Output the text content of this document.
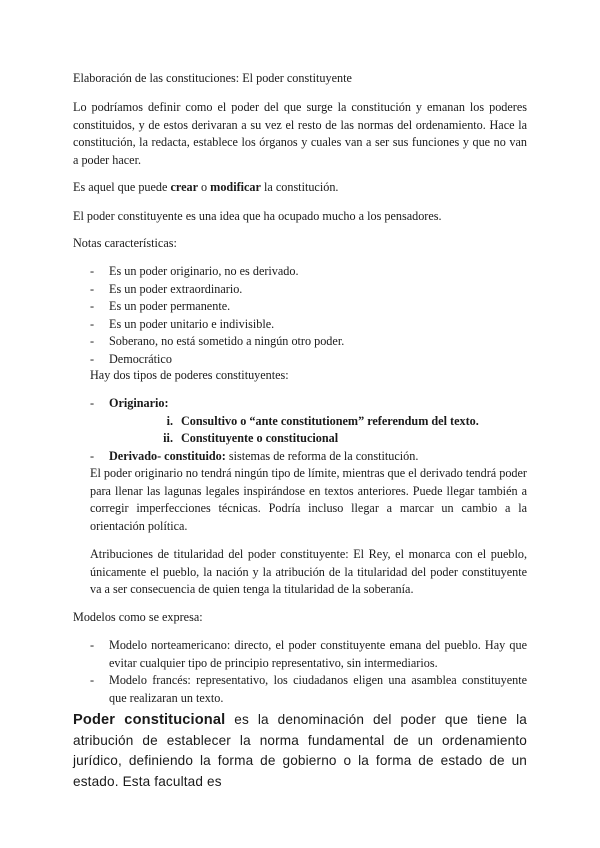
Elaboración de las constituciones: El poder constituyente

Lo podríamos definir como el poder del que surge la constitución y emanan los poderes constituidos, y de estos derivaran a su vez el resto de las normas del ordenamiento. Hace la constitución, la redacta, establece los órganos y cuales van a ser sus funciones y que no van a poder hacer.

Es aquel que puede crear o modificar la constitución.

El poder constituyente es una idea que ha ocupado mucho a los pensadores.

Notas características:

- Es un poder originario, no es derivado.
- Es un poder extraordinario.
- Es un poder permanente.
- Es un poder unitario e indivisible.
- Soberano, no está sometido a ningún otro poder.
- Democrático

Hay dos tipos de poderes constituyentes:

- Originario:
i. Consultivo o “ante constitutionem” referendum del texto.
ii. Constituyente o constitucional
- Derivado- constituido: sistemas de reforma de la constitución.

El poder originario no tendrá ningún tipo de límite, mientras que el derivado tendrá poder para llenar las lagunas legales inspirándose en textos anteriores. Puede llegar también a corregir imperfecciones técnicas. Podría incluso llegar a marcar un cambio a la orientación política.

Atribuciones de titularidad del poder constituyente: El Rey, el monarca con el pueblo, únicamente el pueblo, la nación y la atribución de la titularidad del poder constituyente va a ser consecuencia de quien tenga la titularidad de la soberanía.

Modelos como se expresa:

- Modelo norteamericano: directo, el poder constituyente emana del pueblo. Hay que evitar cualquier tipo de principio representativo, sin intermediarios.
- Modelo francés: representativo, los ciudadanos eligen una asamblea constituyente que realizaran un texto.

Poder constitucional es la denominación del poder que tiene la atribución de establecer la norma fundamental de un ordenamiento jurídico, definiendo la forma de gobierno o la forma de estado de un estado. Esta facultad es
